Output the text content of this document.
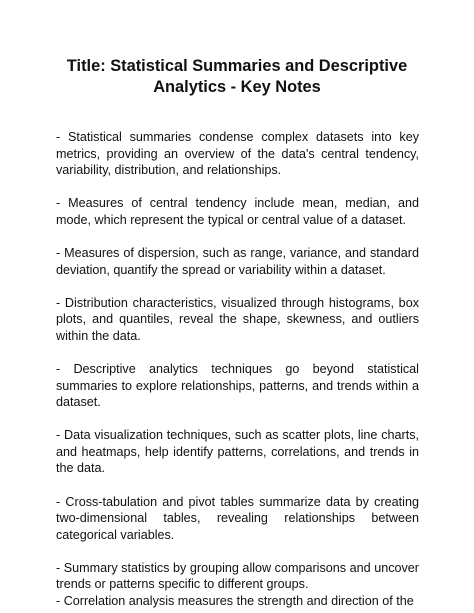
Title: Statistical Summaries and Descriptive Analytics - Key Notes

- Statistical summaries condense complex datasets into key metrics, providing an overview of the data's central tendency, variability, distribution, and relationships.

- Measures of central tendency include mean, median, and mode, which represent the typical or central value of a dataset.

- Measures of dispersion, such as range, variance, and standard deviation, quantify the spread or variability within a dataset.

- Distribution characteristics, visualized through histograms, box plots, and quantiles, reveal the shape, skewness, and outliers within the data.

- Descriptive analytics techniques go beyond statistical summaries to explore relationships, patterns, and trends within a dataset.

- Data visualization techniques, such as scatter plots, line charts, and heatmaps, help identify patterns, correlations, and trends in the data.

- Cross-tabulation and pivot tables summarize data by creating two-dimensional tables, revealing relationships between categorical variables.

- Summary statistics by grouping allow comparisons and uncover trends or patterns specific to different groups.

- Correlation analysis measures the strength and direction of the
